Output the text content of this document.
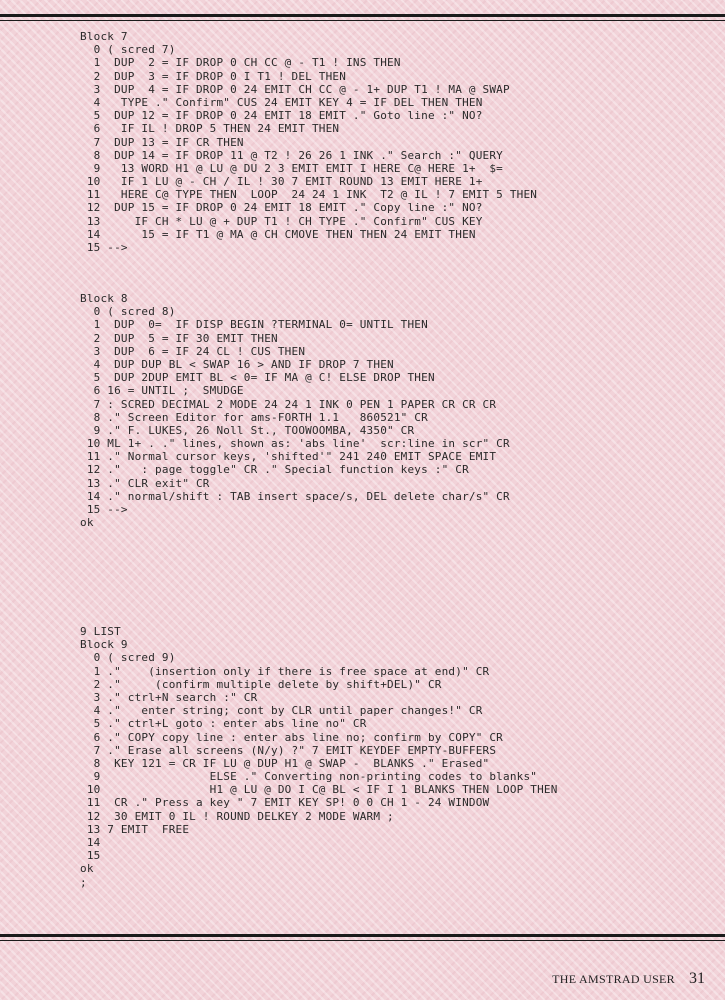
Block 7
0 ( scred 7)
1  DUP  2 = IF DROP 0 CH CC @ - T1 ! INS THEN
2  DUP  3 = IF DROP 0 I T1 ! DEL THEN
3  DUP  4 = IF DROP 0 24 EMIT CH CC @ - 1+ DUP T1 ! MA @ SWAP
4   TYPE ." Confirm" CUS 24 EMIT KEY 4 = IF DEL THEN THEN
5  DUP 12 = IF DROP 0 24 EMIT 18 EMIT ." Goto line :" NO?
6   IF IL ! DROP 5 THEN 24 EMIT THEN
7  DUP 13 = IF CR THEN
8  DUP 14 = IF DROP 11 @ T2 ! 26 26 1 INK ." Search :" QUERY
9   13 WORD H1 @ LU @ DU 2 3 EMIT EMIT I HERE C@ HERE 1+  $=
10   IF 1 LU @ - CH / IL ! 30 7 EMIT ROUND 13 EMIT HERE 1+
11   HERE C@ TYPE THEN  LOOP  24 24 1 INK  T2 @ IL ! 7 EMIT 5 THEN
12  DUP 15 = IF DROP 0 24 EMIT 18 EMIT ." Copy line :" NO?
13     IF CH * LU @ + DUP T1 ! CH TYPE ." Confirm" CUS KEY
14      15 = IF T1 @ MA @ CH CMOVE THEN THEN 24 EMIT THEN
15 -->
Block 8
0 ( scred 8)
1  DUP  0=  IF DISP BEGIN ?TERMINAL 0= UNTIL THEN
2  DUP  5 = IF 30 EMIT THEN
3  DUP  6 = IF 24 CL ! CUS THEN
4  DUP DUP BL < SWAP 16 > AND IF DROP 7 THEN
5  DUP 2DUP EMIT BL < 0= IF MA @ C! ELSE DROP THEN
6 16 = UNTIL ;  SMUDGE
7 : SCRED DECIMAL 2 MODE 24 24 1 INK 0 PEN 1 PAPER CR CR CR
8 ." Screen Editor for ams-FORTH 1.1   860521" CR
9 ." F. LUKES, 26 Noll St., TOOWOOMBA, 4350" CR
10 ML 1+ . ." lines, shown as: 'abs line'  scr:line in scr" CR
11 ." Normal cursor keys, 'shifted'" 241 240 EMIT SPACE EMIT
12 ."   : page toggle" CR ." Special function keys :" CR
13 ." CLR exit" CR
14 ." normal/shift : TAB insert space/s, DEL delete char/s" CR
15 -->
ok
9 LIST
Block 9
0 ( scred 9)
1 ."    (insertion only if there is free space at end)" CR
2 ."     (confirm multiple delete by shift+DEL)" CR
3 ." ctrl+N search :" CR
4 ."   enter string; cont by CLR until paper changes!" CR
5 ." ctrl+L goto : enter abs line no" CR
6 ." COPY copy line : enter abs line no; confirm by COPY" CR
7 ." Erase all screens (N/y) ?" 7 EMIT KEYDEF EMPTY-BUFFERS
8  KEY 121 = CR IF LU @ DUP H1 @ SWAP -  BLANKS ." Erased"
9                ELSE ." Converting non-printing codes to blanks"
10                H1 @ LU @ DO I C@ BL < IF I 1 BLANKS THEN LOOP THEN
11  CR ." Press a key " 7 EMIT KEY SP! 0 0 CH 1 - 24 WINDOW
12  30 EMIT 0 IL ! ROUND DELKEY 2 MODE WARM ;
13 7 EMIT  FREE
14
15
ok
;
THE AMSTRAD USER 31
